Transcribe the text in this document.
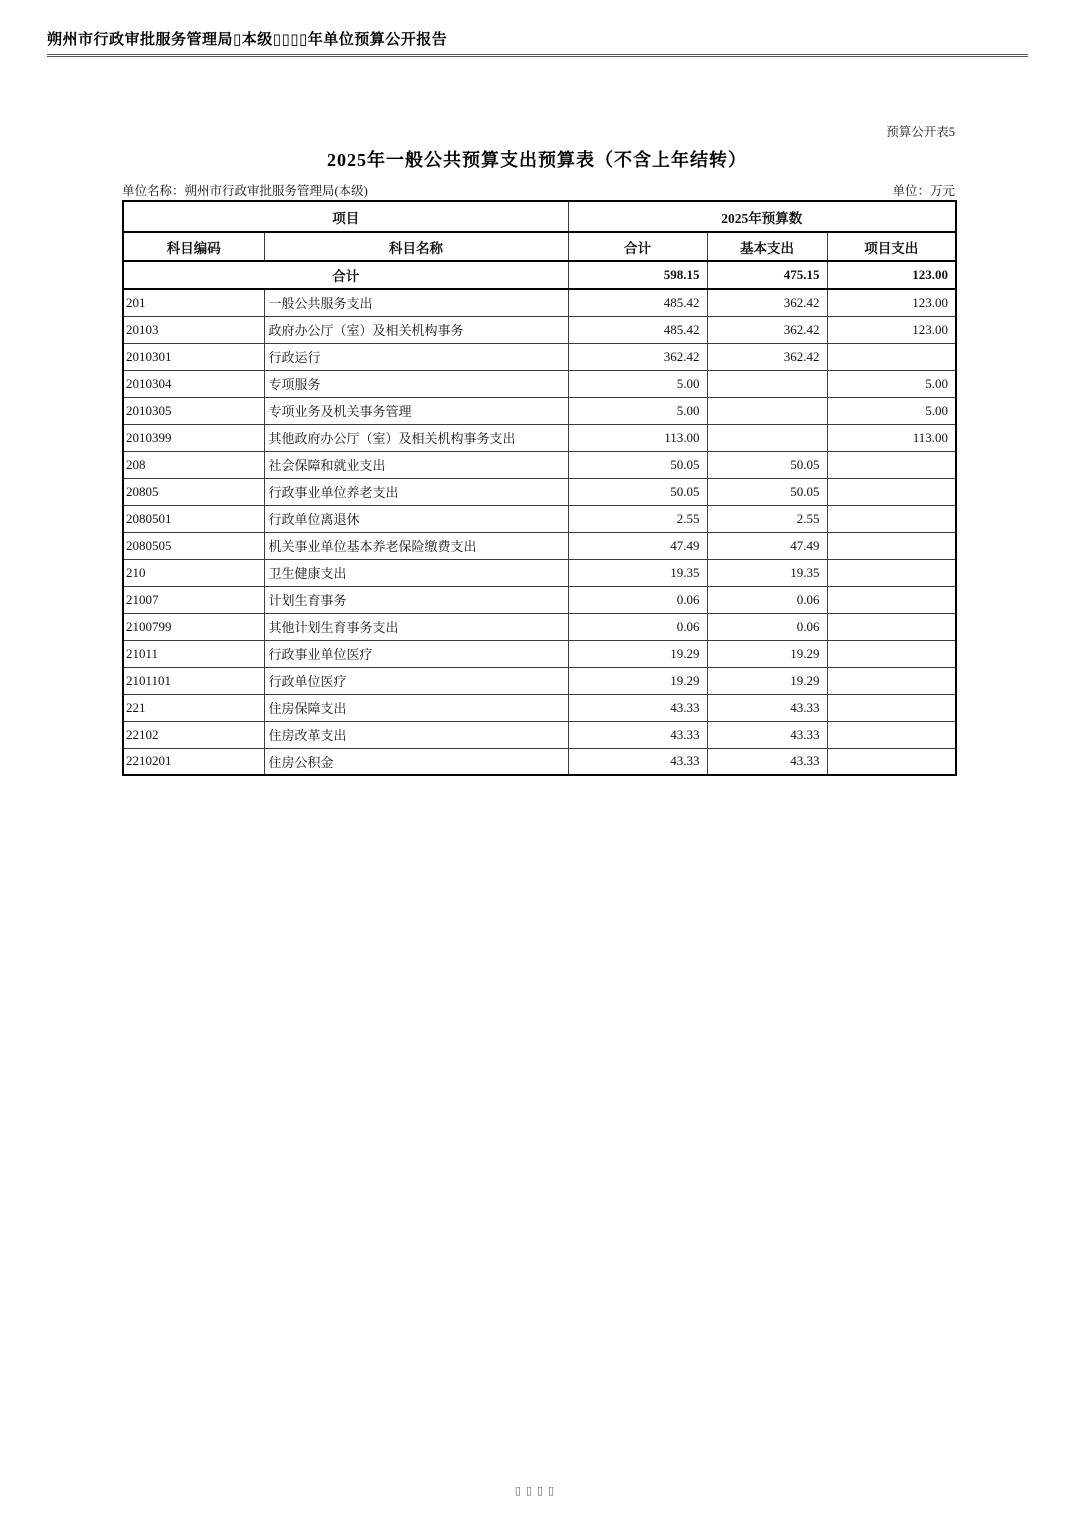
朔州市行政审批服务管理局▯本级▯▯▯▯年单位预算公开报告
预算公开表5
2025年一般公共预算支出预算表（不含上年结转）
单位名称：朔州市行政审批服务管理局(本级)	单位：万元
项目		2025年预算数		
科目编码	科目名称	合计	基本支出	项目支出
合计		598.15	475.15	123.00
201	一般公共服务支出	485.42	362.42	123.00
20103	政府办公厅（室）及相关机构事务	485.42	362.42	123.00
2010301	行政运行	362.42	362.42	
2010304	专项服务	5.00		5.00
2010305	专项业务及机关事务管理	5.00		5.00
2010399	其他政府办公厅（室）及相关机构事务支出	113.00		113.00
208	社会保障和就业支出	50.05	50.05	
20805	行政事业单位养老支出	50.05	50.05	
2080501	行政单位离退休	2.55	2.55	
2080505	机关事业单位基本养老保险缴费支出	47.49	47.49	
210	卫生健康支出	19.35	19.35	
21007	计划生育事务	0.06	0.06	
2100799	其他计划生育事务支出	0.06	0.06	
21011	行政事业单位医疗	19.29	19.29	
2101101	行政单位医疗	19.29	19.29	
221	住房保障支出	43.33	43.33	
22102	住房改革支出	43.33	43.33	
2210201	住房公积金	43.33	43.33	
▯▯▯▯
